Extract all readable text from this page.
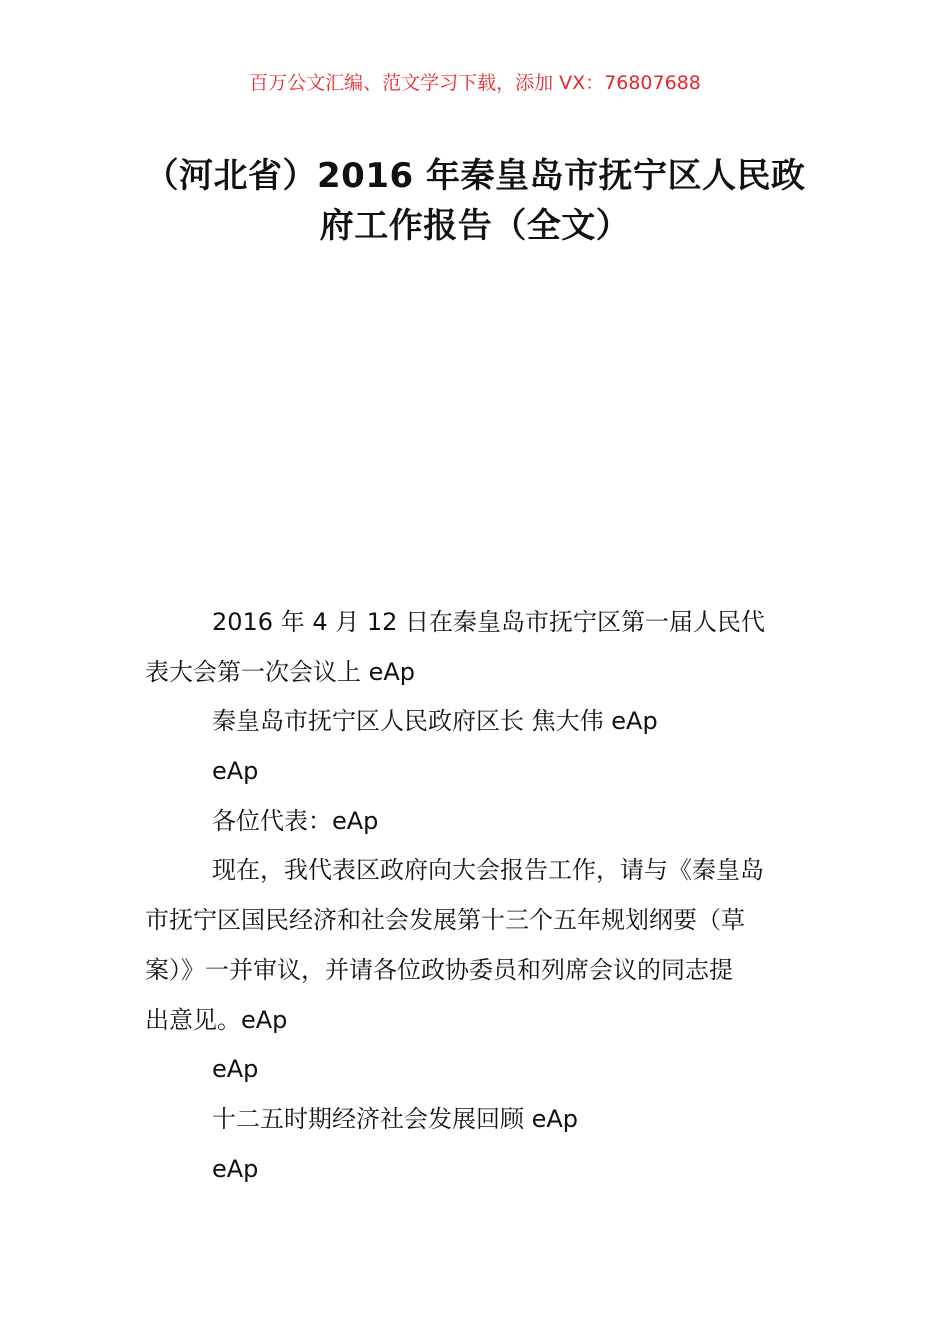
百万公文汇编、范文学习下载，添加 VX：76807688
（河北省）2016 年秦皇岛市抚宁区人民政
府工作报告（全文）
2016 年 4 月 12 日在秦皇岛市抚宁区第一届人民代
表大会第一次会议上 eAp
秦皇岛市抚宁区人民政府区长 焦大伟 eAp
eAp
各位代表：eAp
现在，我代表区政府向大会报告工作，请与《秦皇岛
市抚宁区国民经济和社会发展第十三个五年规划纲要（草
案）》一并审议，并请各位政协委员和列席会议的同志提
出意见。eAp
eAp
十二五时期经济社会发展回顾 eAp
eAp
